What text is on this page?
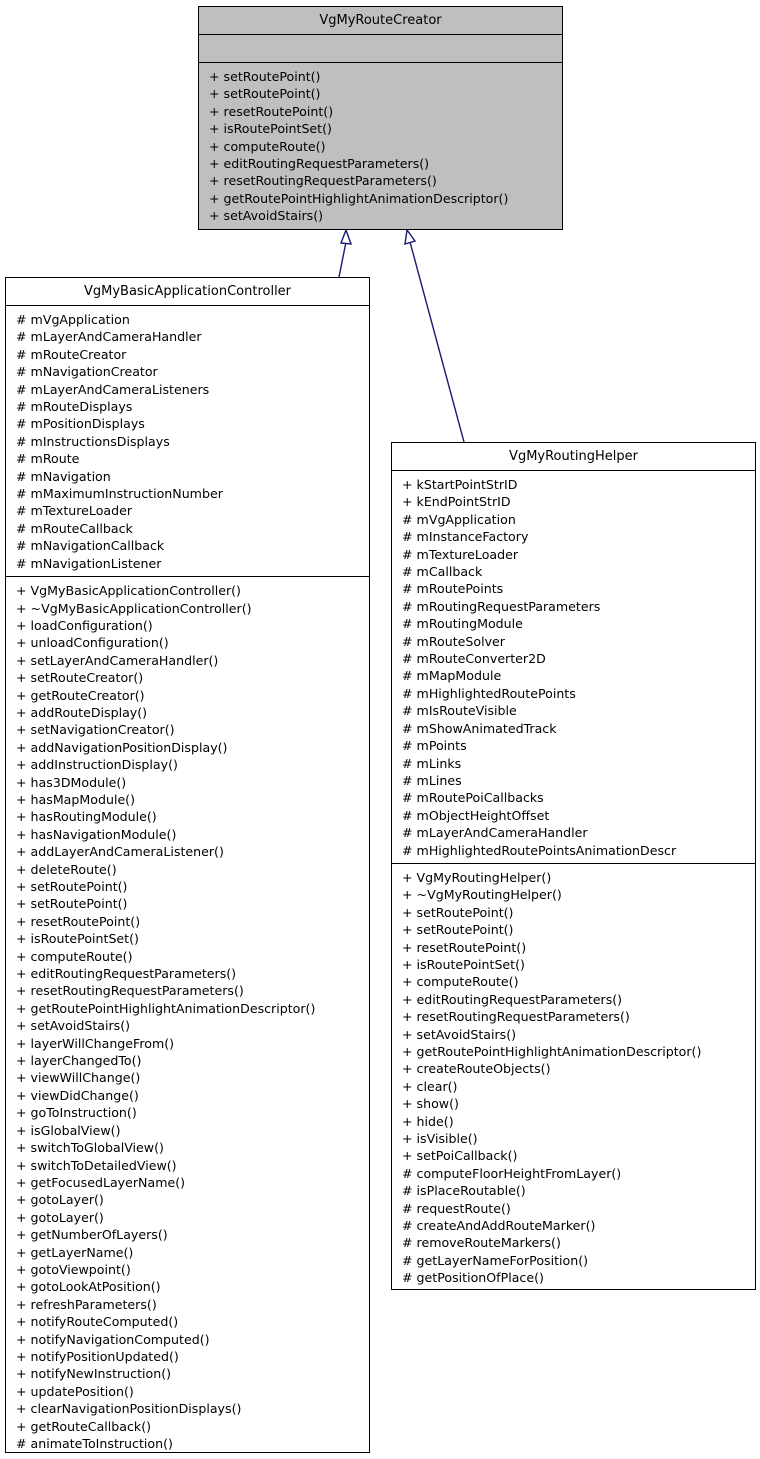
VgMyRouteCreator
+ setRoutePoint()
+ setRoutePoint()
+ resetRoutePoint()
+ isRoutePointSet()
+ computeRoute()
+ editRoutingRequestParameters()
+ resetRoutingRequestParameters()
+ getRoutePointHighlightAnimationDescriptor()
+ setAvoidStairs()
VgMyBasicApplicationController
# mVgApplication
# mLayerAndCameraHandler
# mRouteCreator
# mNavigationCreator
# mLayerAndCameraListeners
# mRouteDisplays
# mPositionDisplays
# mInstructionsDisplays
# mRoute
# mNavigation
# mMaximumInstructionNumber
# mTextureLoader
# mRouteCallback
# mNavigationCallback
# mNavigationListener
+ VgMyBasicApplicationController()
+ ~VgMyBasicApplicationController()
+ loadConfiguration()
+ unloadConfiguration()
+ setLayerAndCameraHandler()
+ setRouteCreator()
+ getRouteCreator()
+ addRouteDisplay()
+ setNavigationCreator()
+ addNavigationPositionDisplay()
+ addInstructionDisplay()
+ has3DModule()
+ hasMapModule()
+ hasRoutingModule()
+ hasNavigationModule()
+ addLayerAndCameraListener()
+ deleteRoute()
+ setRoutePoint()
+ setRoutePoint()
+ resetRoutePoint()
+ isRoutePointSet()
+ computeRoute()
+ editRoutingRequestParameters()
+ resetRoutingRequestParameters()
+ getRoutePointHighlightAnimationDescriptor()
+ setAvoidStairs()
+ layerWillChangeFrom()
+ layerChangedTo()
+ viewWillChange()
+ viewDidChange()
+ goToInstruction()
+ isGlobalView()
+ switchToGlobalView()
+ switchToDetailedView()
+ getFocusedLayerName()
+ gotoLayer()
+ gotoLayer()
+ getNumberOfLayers()
+ getLayerName()
+ gotoViewpoint()
+ gotoLookAtPosition()
+ refreshParameters()
+ notifyRouteComputed()
+ notifyNavigationComputed()
+ notifyPositionUpdated()
+ notifyNewInstruction()
+ updatePosition()
+ clearNavigationPositionDisplays()
+ getRouteCallback()
# animateToInstruction()
VgMyRoutingHelper
+ kStartPointStrID
+ kEndPointStrID
# mVgApplication
# mInstanceFactory
# mTextureLoader
# mCallback
# mRoutePoints
# mRoutingRequestParameters
# mRoutingModule
# mRouteSolver
# mRouteConverter2D
# mMapModule
# mHighlightedRoutePoints
# mIsRouteVisible
# mShowAnimatedTrack
# mPoints
# mLinks
# mLines
# mRoutePoiCallbacks
# mObjectHeightOffset
# mLayerAndCameraHandler
# mHighlightedRoutePointsAnimationDescr
+ VgMyRoutingHelper()
+ ~VgMyRoutingHelper()
+ setRoutePoint()
+ setRoutePoint()
+ resetRoutePoint()
+ isRoutePointSet()
+ computeRoute()
+ editRoutingRequestParameters()
+ resetRoutingRequestParameters()
+ setAvoidStairs()
+ getRoutePointHighlightAnimationDescriptor()
+ createRouteObjects()
+ clear()
+ show()
+ hide()
+ isVisible()
+ setPoiCallback()
# computeFloorHeightFromLayer()
# isPlaceRoutable()
# requestRoute()
# createAndAddRouteMarker()
# removeRouteMarkers()
# getLayerNameForPosition()
# getPositionOfPlace()
